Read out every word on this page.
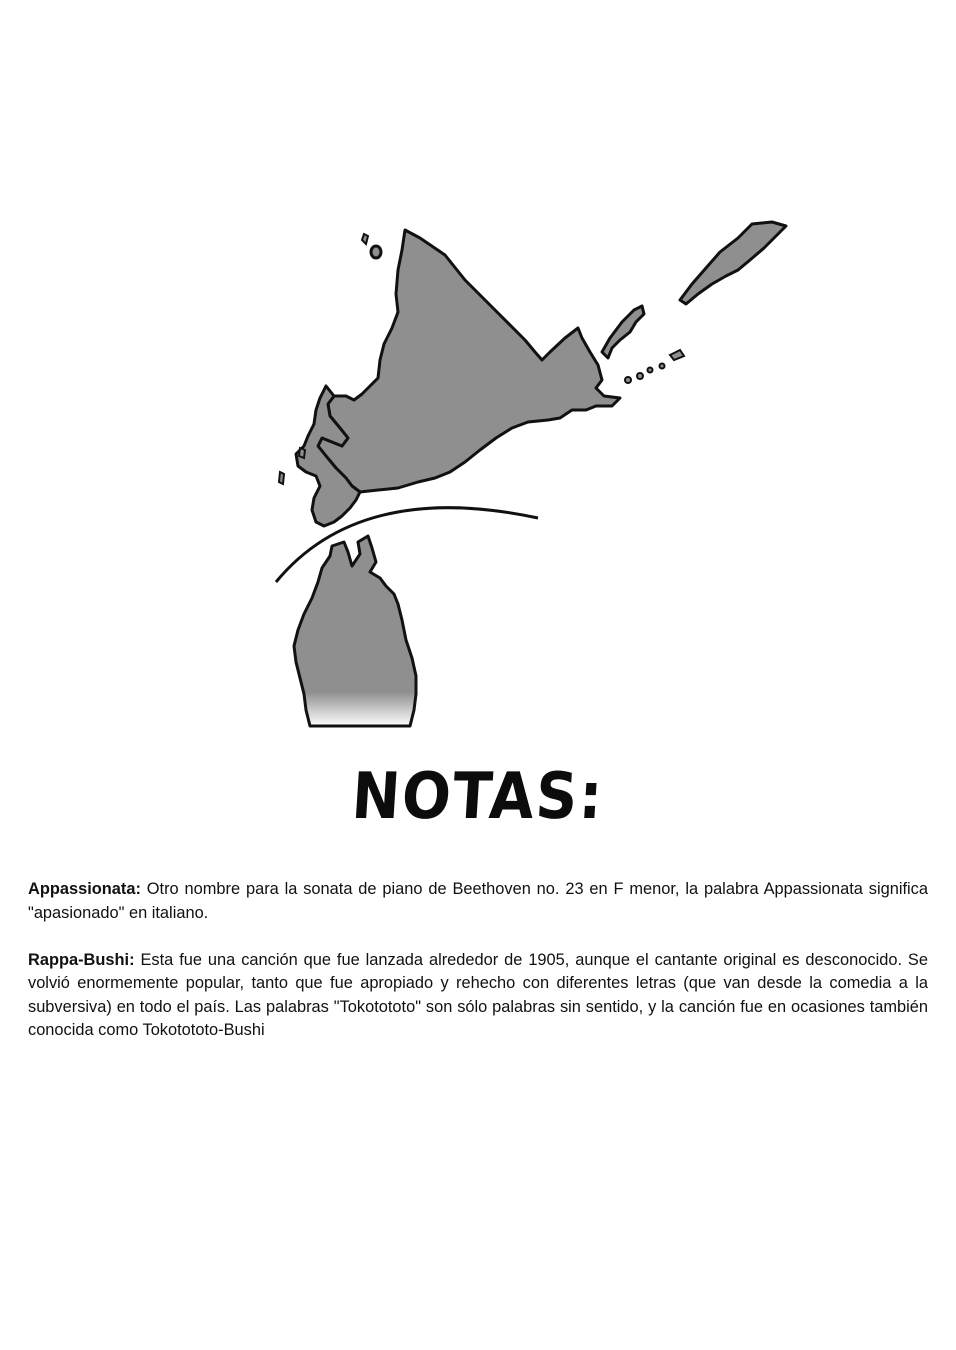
NOTAS:

Appassionata: Otro nombre para la sonata de piano de Beethoven no. 23 en F menor, la palabra Appassionata significa "apasionado" en italiano.

Rappa-Bushi: Esta fue una canción que fue lanzada alrededor de 1905, aunque el cantante original es desconocido. Se volvió enormemente popular, tanto que fue apropiado y rehecho con diferentes letras (que van desde la comedia a la subversiva) en todo el país. Las palabras "Tokotototo" son sólo palabras sin sentido, y la canción fue en ocasiones también conocida como Tokotototo-Bushi
